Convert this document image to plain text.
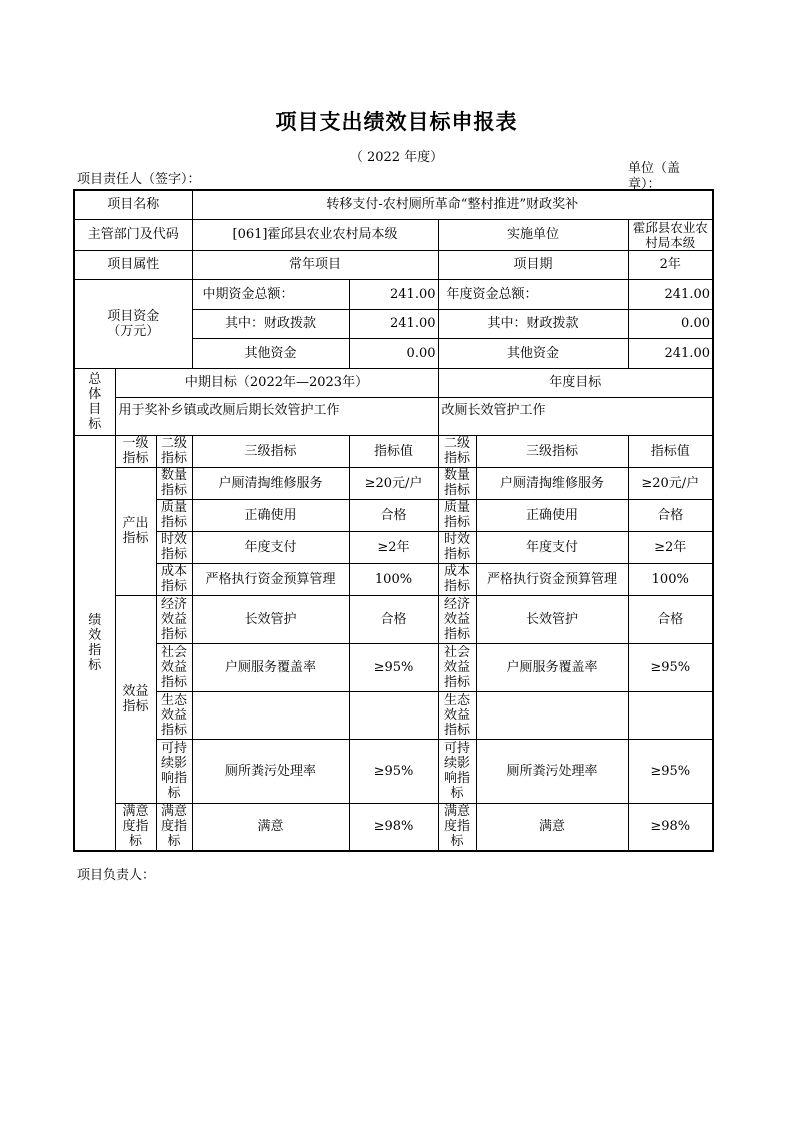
项目支出绩效目标申报表
（ 2022 年度）
项目责任人（签字）：
单位（盖章）：
项目名称			转移支付-农村厕所革命“整村推进”财政奖补				
主管部门及代码			[061]霍邱县农业农村局本级		实施单位		霍邱县农业农村局本级
项目属性			常年项目		项目期		2年
项目资金（万元）			中期资金总额：	241.00	年度资金总额：		241.00
			其中：财政拨款	241.00	其中：财政拨款		0.00
			其他资金	0.00	其他资金		241.00
总体目标	中期目标（2022年—2023年）				年度目标		
	用于奖补乡镇或改厕后期长效管护工作				改厕长效管护工作		
绩效指标	一级指标	二级指标	三级指标	指标值	二级指标	三级指标	指标值
	产出指标	数量指标	户厕清掏维修服务	≥20元/户	数量指标	户厕清掏维修服务	≥20元/户
		质量指标	正确使用	合格	质量指标	正确使用	合格
		时效指标	年度支付	≥2年	时效指标	年度支付	≥2年
		成本指标	严格执行资金预算管理	100%	成本指标	严格执行资金预算管理	100%
	效益指标	经济效益指标	长效管护	合格	经济效益指标	长效管护	合格
		社会效益指标	户厕服务覆盖率	≥95%	社会效益指标	户厕服务覆盖率	≥95%
		生态效益指标			生态效益指标		
		可持续影响指标	厕所粪污处理率	≥95%	可持续影响指标	厕所粪污处理率	≥95%
	满意度指标	满意度指标	满意	≥98%	满意度指标	满意	≥98%
项目负责人：
